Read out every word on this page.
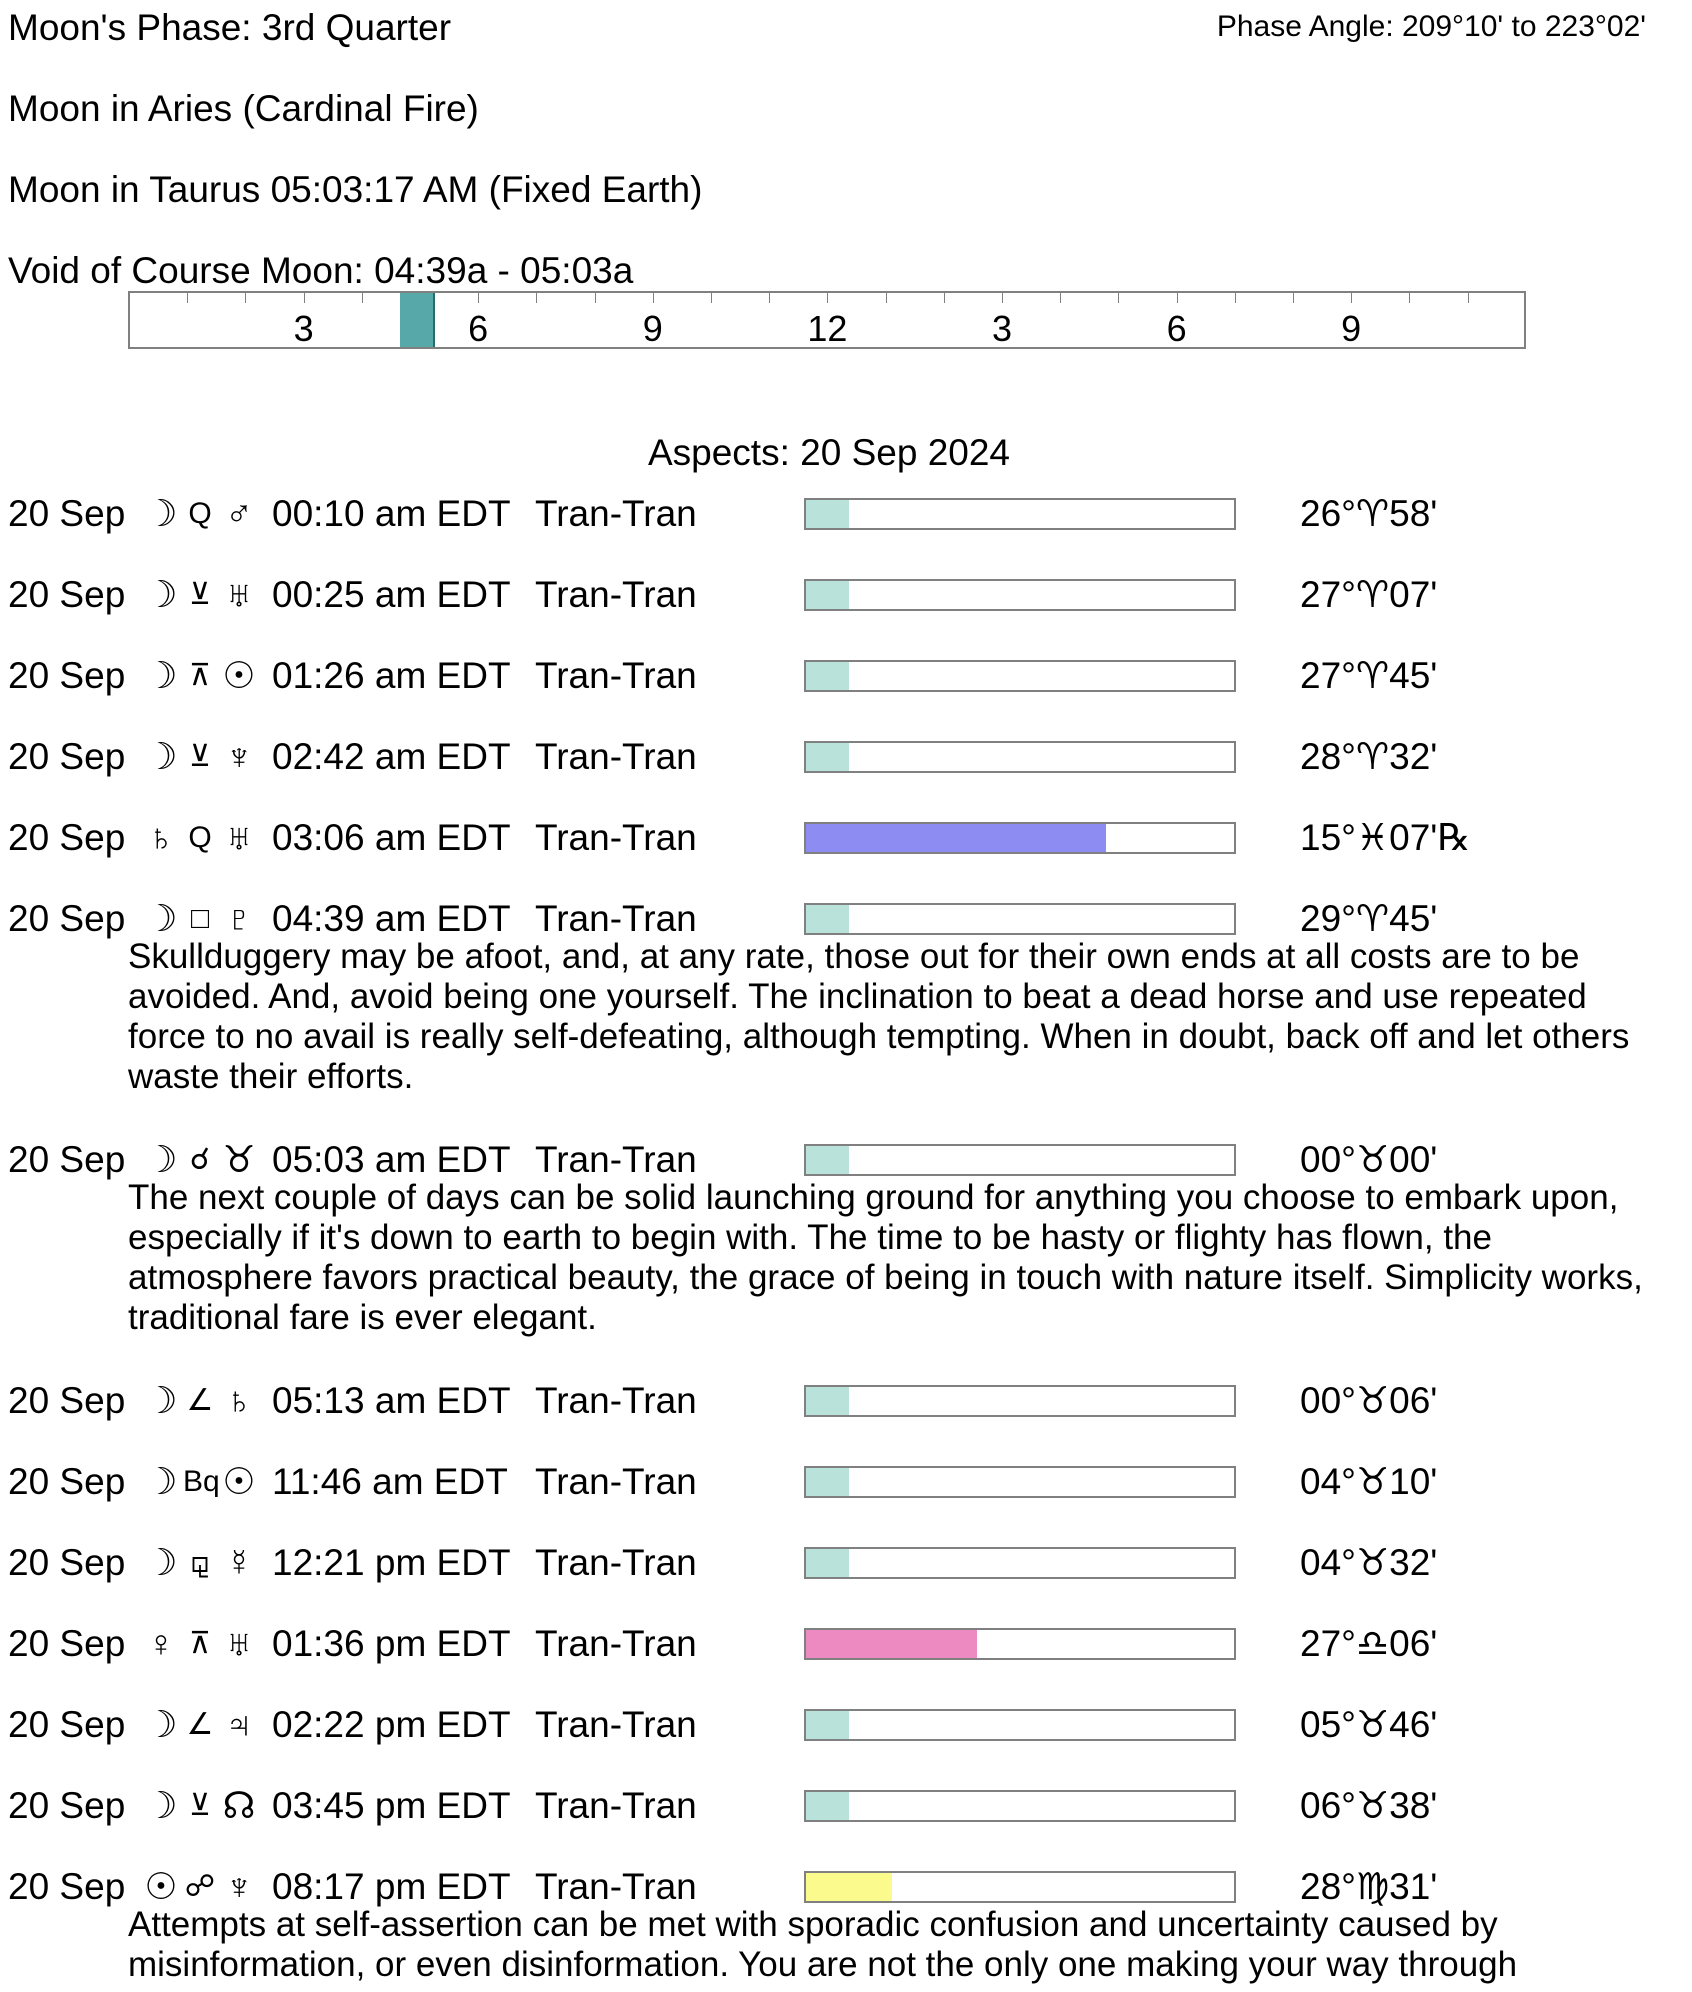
Moon's Phase: 3rd Quarter	Phase Angle: 209°10' to 223°02'
Moon in Aries (Cardinal Fire)
Moon in Taurus 05:03:17 AM (Fixed Earth)
Void of Course Moon: 04:39a - 05:03a
3	6	9	12	3	6	9
Aspects: 20 Sep 2024
20 Sep ☽ Q ♂ 00:10 am EDT Tran-Tran	26°♈58'
20 Sep ☽ ⊻ ♅ 00:25 am EDT Tran-Tran	27°♈07'
20 Sep ☽ ⊼ ☉ 01:26 am EDT Tran-Tran	27°♈45'
20 Sep ☽ ⊻ ♆ 02:42 am EDT Tran-Tran	28°♈32'
20 Sep ♄ Q ♅ 03:06 am EDT Tran-Tran	15°♓07'℞
20 Sep ☽ □ ♇ 04:39 am EDT Tran-Tran	29°♈45'
Skullduggery may be afoot, and, at any rate, those out for their own ends at all costs are to be avoided. And, avoid being one yourself. The inclination to beat a dead horse and use repeated force to no avail is really self-defeating, although tempting. When in doubt, back off and let others waste their efforts.
20 Sep ☽ ☌ ♉ 05:03 am EDT Tran-Tran	00°♉00'
The next couple of days can be solid launching ground for anything you choose to embark upon, especially if it's down to earth to begin with. The time to be hasty or flighty has flown, the atmosphere favors practical beauty, the grace of being in touch with nature itself. Simplicity works, traditional fare is ever elegant.
20 Sep ☽ ∠ ♄ 05:13 am EDT Tran-Tran	00°♉06'
20 Sep ☽ Bq ☉ 11:46 am EDT Tran-Tran	04°♉10'
20 Sep ☽ ⚼ ☿ 12:21 pm EDT Tran-Tran	04°♉32'
20 Sep ♀ ⊼ ♅ 01:36 pm EDT Tran-Tran	27°♎06'
20 Sep ☽ ∠ ♃ 02:22 pm EDT Tran-Tran	05°♉46'
20 Sep ☽ ⊻ ☊ 03:45 pm EDT Tran-Tran	06°♉38'
20 Sep ☉ ☍ ♆ 08:17 pm EDT Tran-Tran	28°♍31'
Attempts at self-assertion can be met with sporadic confusion and uncertainty caused by misinformation, or even disinformation. You are not the only one making your way through
